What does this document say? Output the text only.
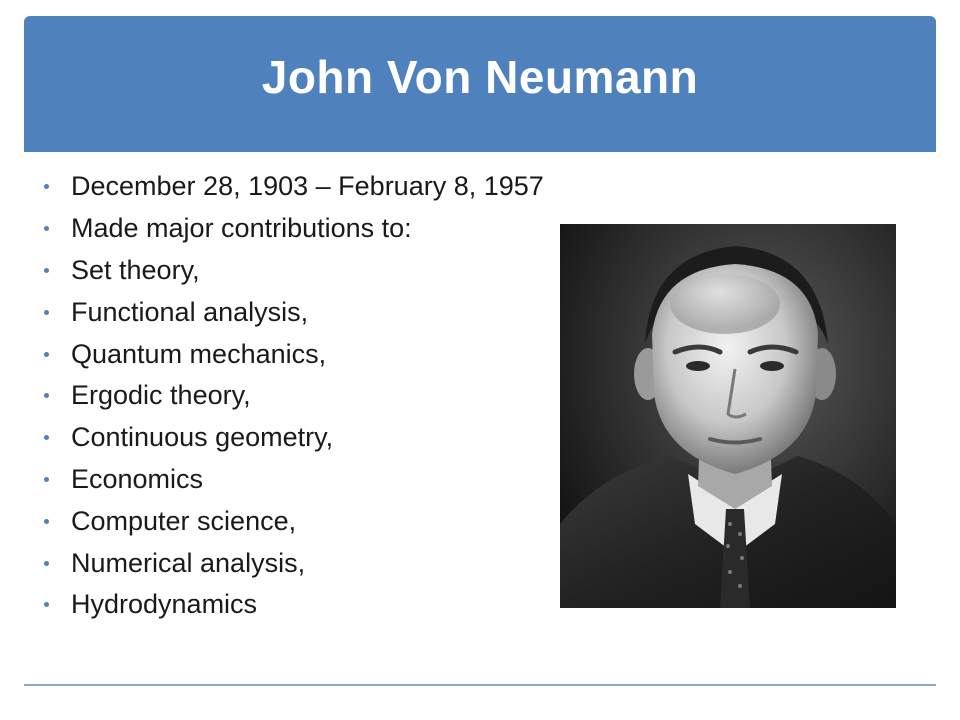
John Von Neumann
December 28, 1903 – February 8, 1957
Made major contributions to:
Set theory,
Functional analysis,
Quantum mechanics,
Ergodic theory,
Continuous geometry,
Economics
Computer science,
Numerical analysis,
Hydrodynamics
